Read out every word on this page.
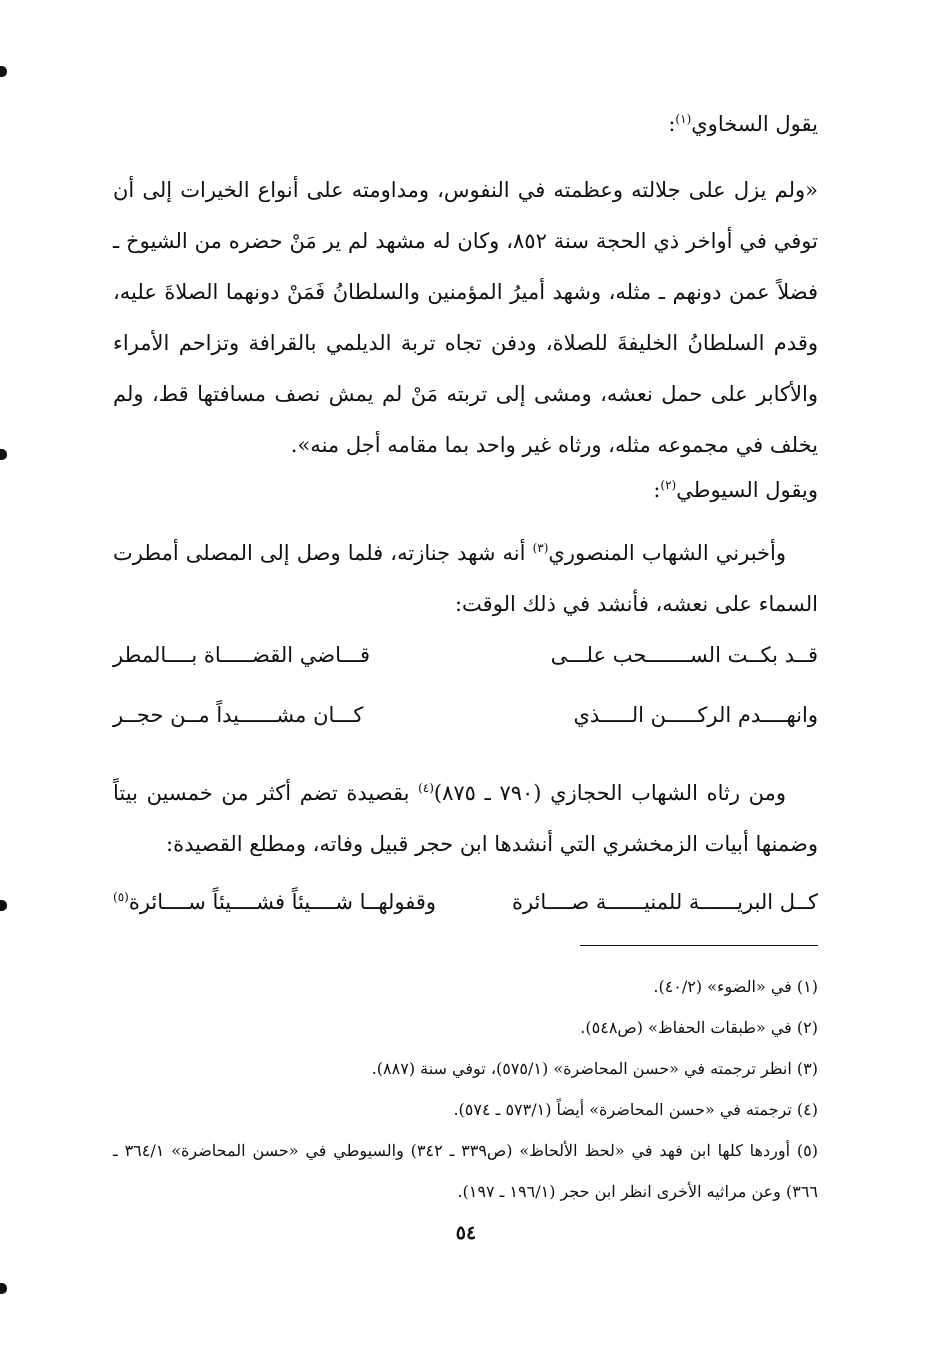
يقول السخاوي$^{(١)}$:
«ولم يزل على جلالته وعظمته في النفوس، ومداومته على أنواع الخيرات إلى أن توفي في أواخر ذي الحجة سنة ٨٥٢، وكان له مشهد لم ير مَنْ حضره من الشيوخ ـ فضلاً عمن دونهم ـ مثله، وشهد أميرُ المؤمنين والسلطانُ فَمَنْ دونهما الصلاةَ عليه، وقدم السلطانُ الخليفةَ للصلاة، ودفن تجاه تربة الديلمي بالقرافة وتزاحم الأمراء والأكابر على حمل نعشه، ومشى إلى تربته مَنْ لم يمش نصف مسافتها قط، ولم يخلف في مجموعه مثله، ورثاه غير واحد بما مقامه أجل منه».
ويقول السيوطي$^{(٢)}$:
وأخبرني الشهاب المنصوري$^{(٣)}$ أنه شهد جنازته، فلما وصل إلى المصلى أمطرت السماء على نعشه، فأنشد في ذلك الوقت:
قــد بكــت الســـــــحب علـــى
قـــاضي القضـــــاة بــــالمطر
وانهــــدم الركـــــن الـــــذي
كـــان مشــــــيداً مــن حجــر
ومن رثاه الشهاب الحجازي (٧٩٠ ـ ٨٧٥)$^{(٤)}$ بقصيدة تضم أكثر من خمسين بيتاً وضمنها أبيات الزمخشري التي أنشدها ابن حجر قبيل وفاته، ومطلع القصيدة:
كــل البريــــــة للمنيــــــة صــــائرة
وقفولهــا شــــيئاً فشــــيئاً ســــائرة$^{(٥)}$
(١) في «الضوء» (٤٠/٢).
(٢) في «طبقات الحفاظ» (ص٥٤٨).
(٣) انظر ترجمته في «حسن المحاضرة» (٥٧٥/١)، توفي سنة (٨٨٧).
(٤) ترجمته في «حسن المحاضرة» أيضاً (٥٧٣/١ ـ ٥٧٤).
(٥) أوردها كلها ابن فهد في «لحظ الألحاظ» (ص٣٣٩ ـ ٣٤٢) والسيوطي في «حسن المحاضرة» ٣٦٤/١ ـ ٣٦٦) وعن مراثيه الأخرى انظر ابن حجر (١٩٦/١ ـ ١٩٧).
٥٤
